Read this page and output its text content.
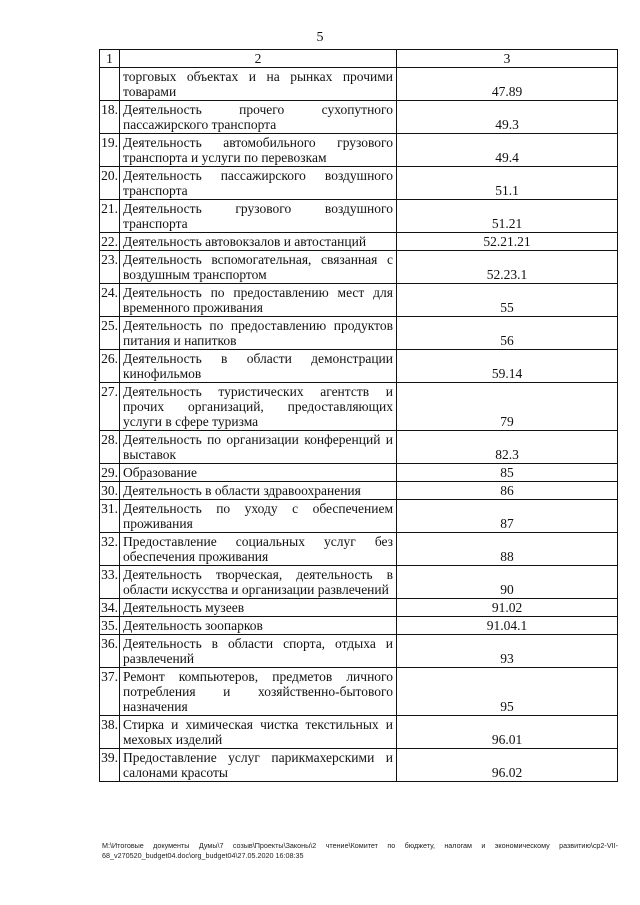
5
1	2	3
	торговых объектах и на рынках прочими товарами	47.89
18.	Деятельность прочего сухопутного пассажирского транспорта	49.3
19.	Деятельность автомобильного грузового транспорта и услуги по перевозкам	49.4
20.	Деятельность пассажирского воздушного транспорта	51.1
21.	Деятельность грузового воздушного транспорта	51.21
22.	Деятельность автовокзалов и автостанций	52.21.21
23.	Деятельность вспомогательная, связанная с воздушным транспортом	52.23.1
24.	Деятельность по предоставлению мест для временного проживания	55
25.	Деятельность по предоставлению продуктов питания и напитков	56
26.	Деятельность в области демонстрации кинофильмов	59.14
27.	Деятельность туристических агентств и прочих организаций, предоставляющих услуги в сфере туризма	79
28.	Деятельность по организации конференций и выставок	82.3
29.	Образование	85
30.	Деятельность в области здравоохранения	86
31.	Деятельность по уходу с обеспечением проживания	87
32.	Предоставление социальных услуг без обеспечения проживания	88
33.	Деятельность творческая, деятельность в области искусства и организации развлечений	90
34.	Деятельность музеев	91.02
35.	Деятельность зоопарков	91.04.1
36.	Деятельность в области спорта, отдыха и развлечений	93
37.	Ремонт компьютеров, предметов личного потребления и хозяйственно-бытового назначения	95
38.	Стирка и химическая чистка текстильных и меховых изделий	96.01
39.	Предоставление услуг парикмахерскими и салонами красоты	96.02
M:\Итоговые документы Думы\7 созыв\Проекты\Законы\2 чтение\Комитет по бюджету, налогам и экономическому развитию\ср2-VII-68_v270520_budget04.doc\org_budget04\27.05.2020 16:08:35
